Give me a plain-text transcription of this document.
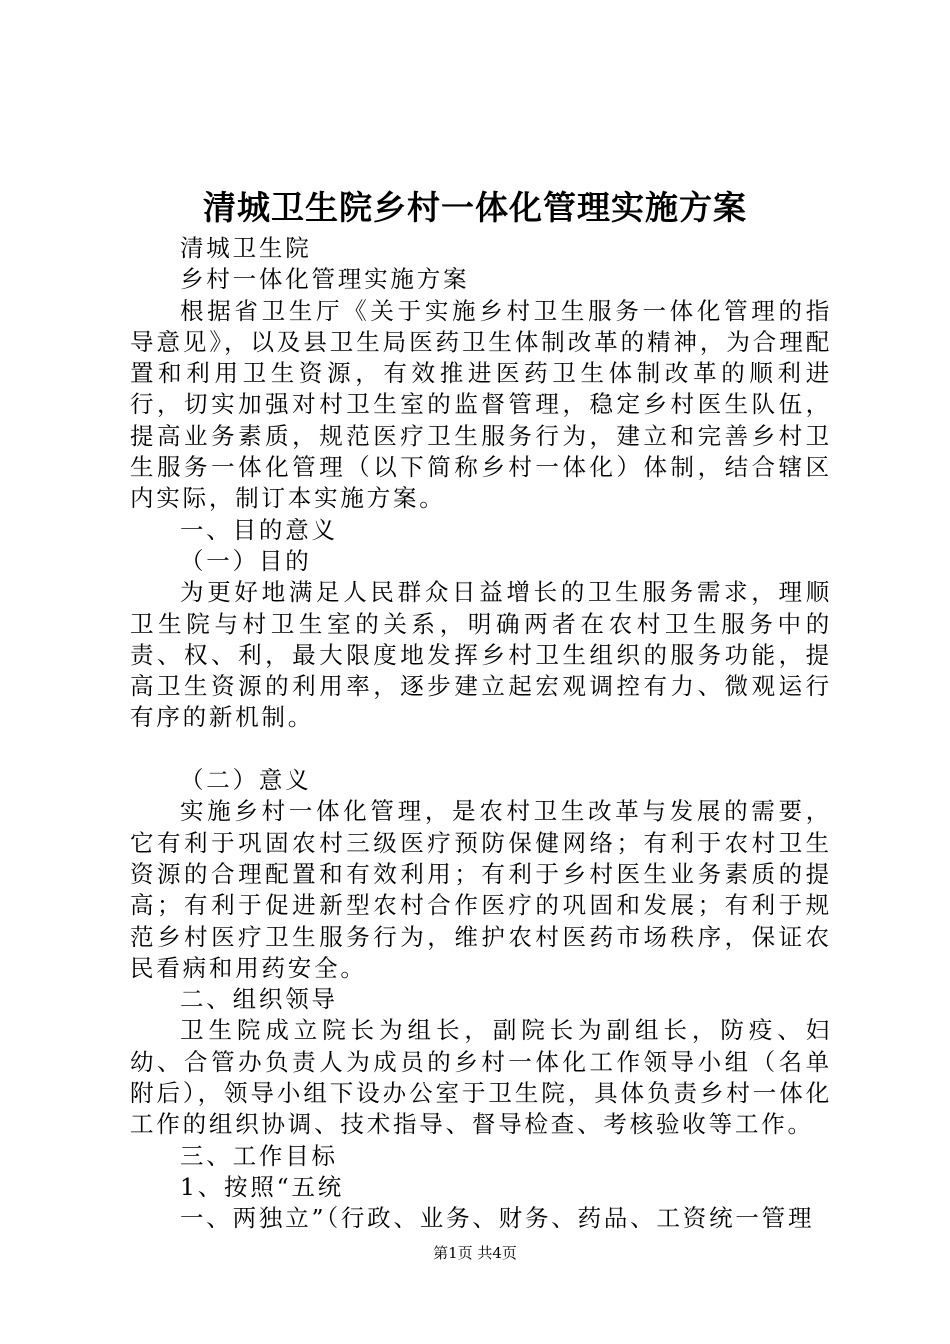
清城卫生院乡村一体化管理实施方案

清城卫生院

乡村一体化管理实施方案

根据省卫生厅《关于实施乡村卫生服务一体化管理的指导意见》，以及县卫生局医药卫生体制改革的精神，为合理配置和利用卫生资源，有效推进医药卫生体制改革的顺利进行，切实加强对村卫生室的监督管理，稳定乡村医生队伍，提高业务素质，规范医疗卫生服务行为，建立和完善乡村卫生服务一体化管理（以下简称乡村一体化）体制，结合辖区内实际，制订本实施方案。

一、目的意义

（一）目的

为更好地满足人民群众日益增长的卫生服务需求，理顺卫生院与村卫生室的关系，明确两者在农村卫生服务中的责、权、利，最大限度地发挥乡村卫生组织的服务功能，提高卫生资源的利用率，逐步建立起宏观调控有力、微观运行有序的新机制。

（二）意义

实施乡村一体化管理，是农村卫生改革与发展的需要，它有利于巩固农村三级医疗预防保健网络；有利于农村卫生资源的合理配置和有效利用；有利于乡村医生业务素质的提高；有利于促进新型农村合作医疗的巩固和发展；有利于规范乡村医疗卫生服务行为，维护农村医药市场秩序，保证农民看病和用药安全。

二、组织领导

卫生院成立院长为组长，副院长为副组长，防疫、妇幼、合管办负责人为成员的乡村一体化工作领导小组（名单附后），领导小组下设办公室于卫生院，具体负责乡村一体化工作的组织协调、技术指导、督导检查、考核验收等工作。

三、工作目标

1、按照“五统

一、两独立”（行政、业务、财务、药品、工资统一管理

第1页 共4页
